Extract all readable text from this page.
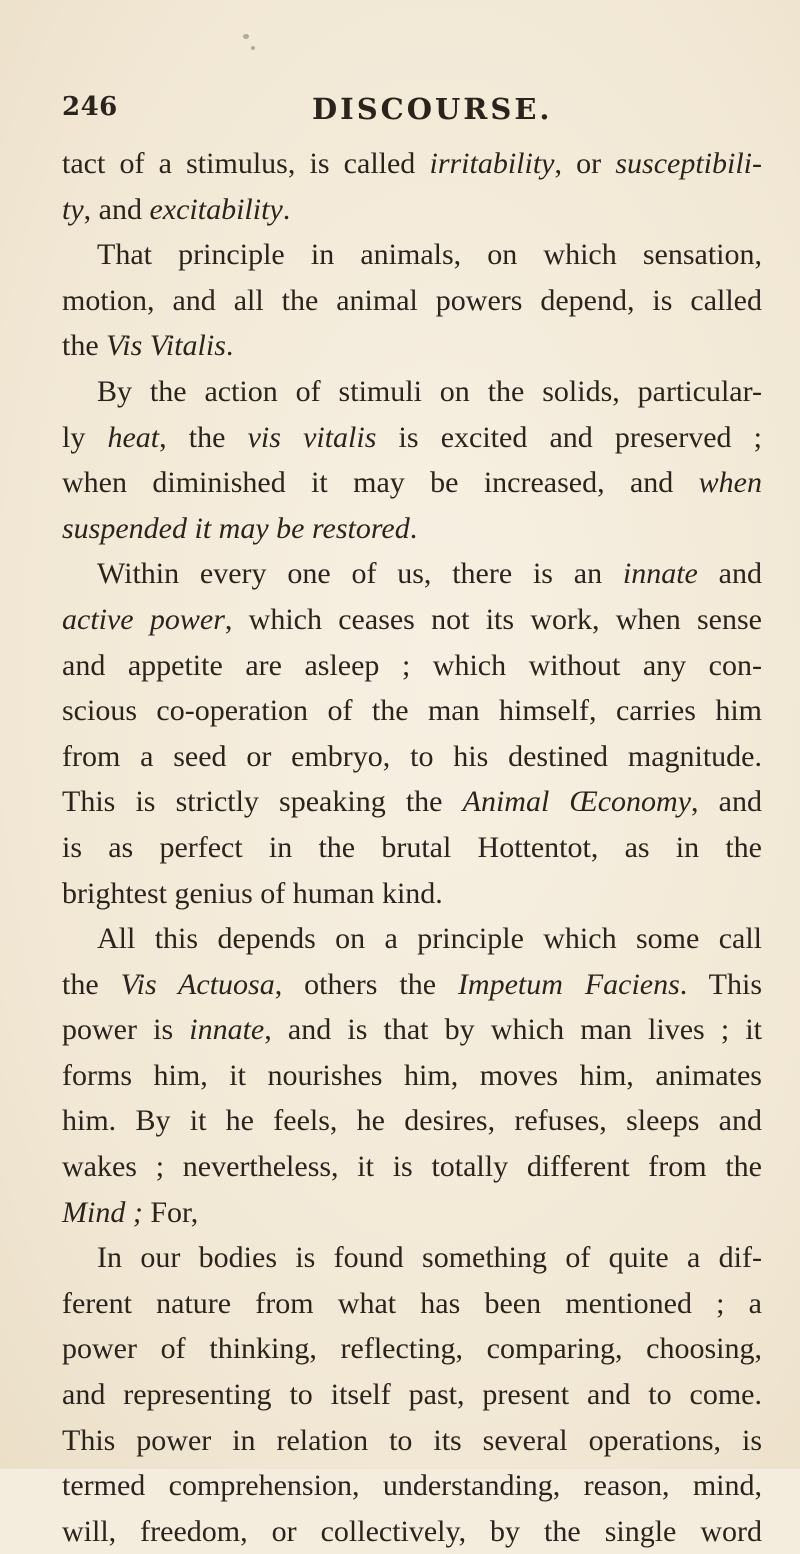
246	DISCOURSE.
tact of a stimulus, is called irritability, or susceptibili-
ty, and excitability.
That principle in animals, on which sensation,
motion, and all the animal powers depend, is called
the Vis Vitalis.
By the action of stimuli on the solids, particular-
ly heat, the vis vitalis is excited and preserved ;
when diminished it may be increased, and when
suspended it may be restored.
Within every one of us, there is an innate and
active power, which ceases not its work, when sense
and appetite are asleep ; which without any con-
scious co-operation of the man himself, carries him
from a seed or embryo, to his destined magnitude.
This is strictly speaking the Animal Œconomy, and
is as perfect in the brutal Hottentot, as in the
brightest genius of human kind.
All this depends on a principle which some call
the Vis Actuosa, others the Impetum Faciens. This
power is innate, and is that by which man lives ; it
forms him, it nourishes him, moves him, animates
him. By it he feels, he desires, refuses, sleeps and
wakes ; nevertheless, it is totally different from the
Mind ; For,
In our bodies is found something of quite a dif-
ferent nature from what has been mentioned ; a
power of thinking, reflecting, comparing, choosing,
and representing to itself past, present and to come.
This power in relation to its several operations, is
termed comprehension, understanding, reason, mind,
will, freedom, or collectively, by the single word
